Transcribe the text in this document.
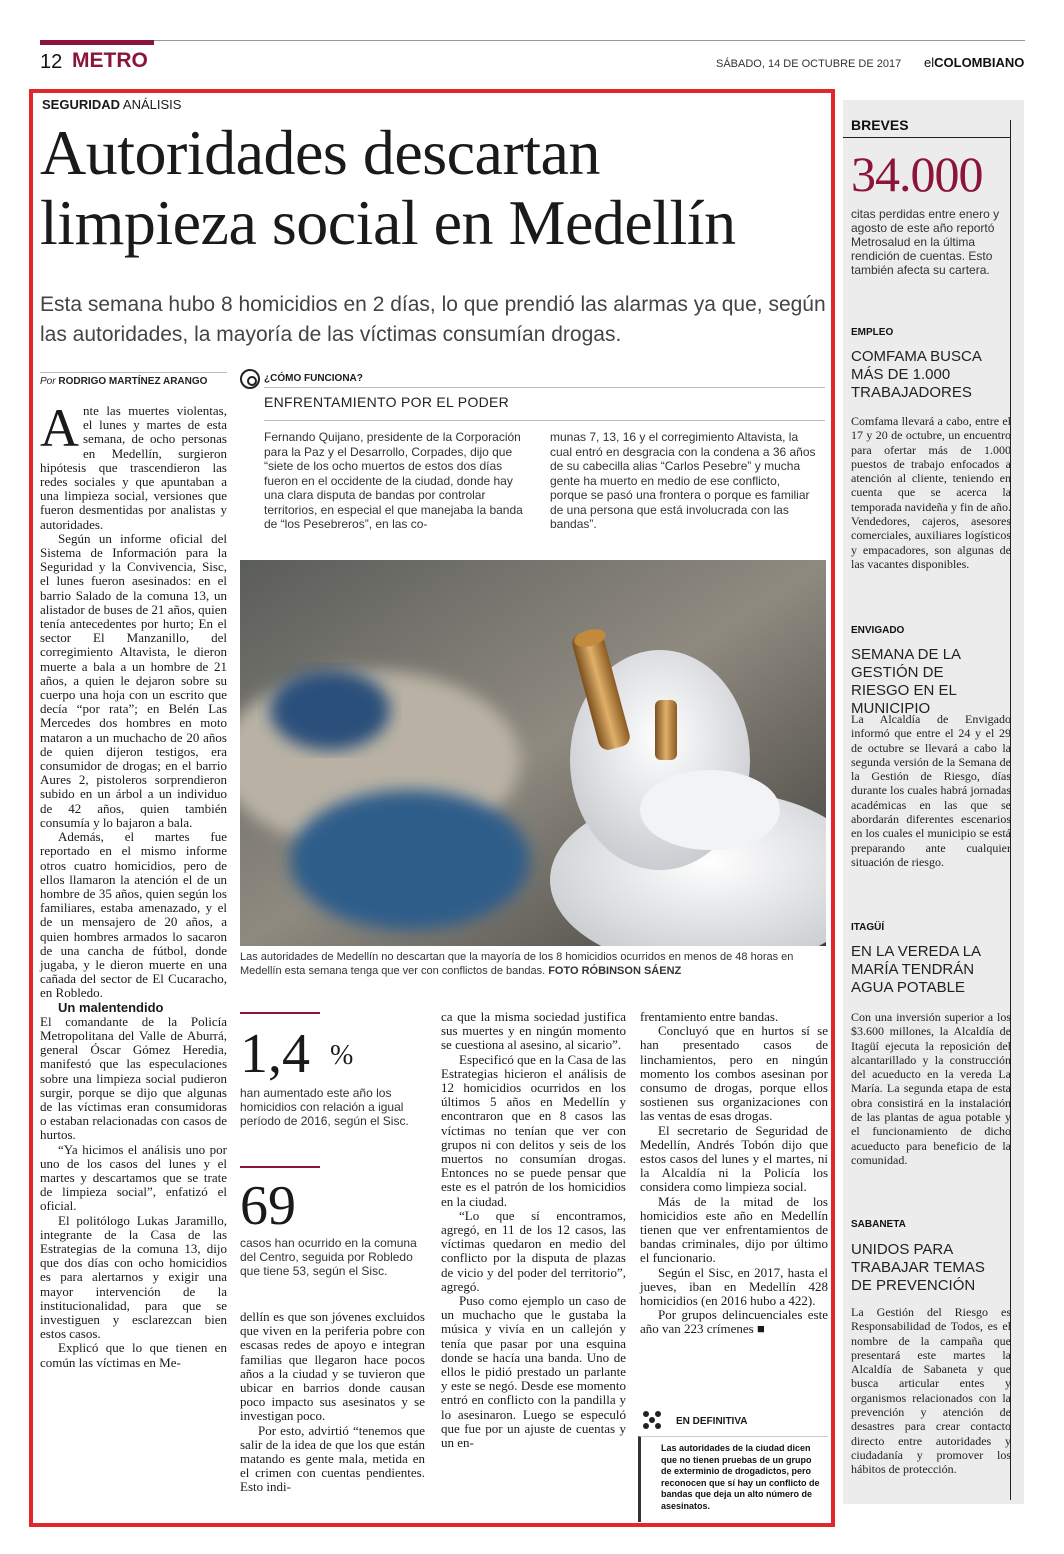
12 METRO	SÁBADO, 14 DE OCTUBRE DE 2017 elCOLOMBIANO
SEGURIDAD ANÁLISIS
Autoridades descartan limpieza social en Medellín
Esta semana hubo 8 homicidios en 2 días, lo que prendió las alarmas ya que, según las autoridades, la mayoría de las víctimas consumían drogas.
Por RODRIGO MARTÍNEZ ARANGO

Ante las muertes violentas, el lunes y martes de esta semana, de ocho personas en Medellín, surgieron hipótesis que trascendieron las redes sociales y que apuntaban a una limpieza social, versiones que fueron desmentidas por analistas y autoridades.

Según un informe oficial del Sistema de Información para la Seguridad y la Convivencia, Sisc, el lunes fueron asesinados: en el barrio Salado de la comuna 13, un alistador de buses de 21 años, quien tenía antecedentes por hurto; En el sector El Manzanillo, del corregimiento Altavista, le dieron muerte a bala a un hombre de 21 años, a quien le dejaron sobre su cuerpo una hoja con un escrito que decía “por rata”; en Belén Las Mercedes dos hombres en moto mataron a un muchacho de 20 años de quien dijeron testigos, era consumidor de drogas; en el barrio Aures 2, pistoleros sorprendieron subido en un árbol a un individuo de 42 años, quien también consumía y lo bajaron a bala.

Además, el martes fue reportado en el mismo informe otros cuatro homicidios, pero de ellos llamaron la atención el de un hombre de 35 años, quien según los familiares, estaba amenazado, y el de un mensajero de 20 años, a quien hombres armados lo sacaron de una cancha de fútbol, donde jugaba, y le dieron muerte en una cañada del sector de El Cucaracho, en Robledo.

Un malentendido

El comandante de la Policía Metropolitana del Valle de Aburrá, general Óscar Gómez Heredia, manifestó que las especulaciones sobre una limpieza social pudieron surgir, porque se dijo que algunas de las víctimas eran consumidoras o estaban relacionadas con casos de hurtos.

“Ya hicimos el análisis uno por uno de los casos del lunes y el martes y descartamos que se trate de limpieza social”, enfatizó el oficial.

El politólogo Lukas Jaramillo, integrante de la Casa de las Estrategias de la comuna 13, dijo que dos días con ocho homicidios es para alertarnos y exigir una mayor intervención de la institucionalidad, para que se investiguen y esclarezcan bien estos casos.

Explicó que lo que tienen en común las víctimas en Me-

¿CÓMO FUNCIONA?
ENFRENTAMIENTO POR EL PODER
Fernando Quijano, presidente de la Corporación para la Paz y el Desarrollo, Corpades, dijo que “siete de los ocho muertos de estos dos días fueron en el occidente de la ciudad, donde hay una clara disputa de bandas por controlar territorios, en especial el que manejaba la banda de “los Pesebreros”, en las co-
munas 7, 13, 16 y el corregimiento Altavista, la cual entró en desgracia con la condena a 36 años de su cabecilla alias “Carlos Pesebre” y mucha gente ha muerto en medio de ese conflicto, porque se pasó una frontera o porque es familiar de una persona que está involucrada con las bandas”.
Las autoridades de Medellín no descartan que la mayoría de los 8 homicidios ocurridos en menos de 48 horas en Medellín esta semana tenga que ver con conflictos de bandas. FOTO RÓBINSON SÁENZ
1,4 %
han aumentado este año los homicidios con relación a igual período de 2016, según el Sisc.
69
casos han ocurrido en la comuna del Centro, seguida por Robledo que tiene 53, según el Sisc.

dellín es que son jóvenes excluidos que viven en la periferia pobre con escasas redes de apoyo e integran familias que llegaron hace pocos años a la ciudad y se tuvieron que ubicar en barrios donde causan poco impacto sus asesinatos y se investigan poco.

Por esto, advirtió “tenemos que salir de la idea de que los que están matando es gente mala, metida en el crimen con cuentas pendientes. Esto indi-

ca que la misma sociedad justifica sus muertes y en ningún momento se cuestiona al asesino, al sicario”.

Especificó que en la Casa de las Estrategias hicieron el análisis de 12 homicidios ocurridos en los últimos 5 años en Medellín y encontraron que en 8 casos las víctimas no tenían que ver con grupos ni con delitos y seis de los muertos no consumían drogas. Entonces no se puede pensar que este es el patrón de los homicidios en la ciudad.

“Lo que sí encontramos, agregó, en 11 de los 12 casos, las víctimas quedaron en medio del conflicto por la disputa de plazas de vicio y del poder del territorio”, agregó.

Puso como ejemplo un caso de un muchacho que le gustaba la música y vivía en un callejón y tenía que pasar por una esquina donde se hacía una banda. Uno de ellos le pidió prestado un parlante y este se negó. Desde ese momento entró en conflicto con la pandilla y lo asesinaron. Luego se especuló que fue por un ajuste de cuentas y un en-

frentamiento entre bandas.

Concluyó que en hurtos sí se han presentado casos de linchamientos, pero en ningún momento los combos asesinan por consumo de drogas, porque ellos sostienen sus organizaciones con las ventas de esas drogas.

El secretario de Seguridad de Medellín, Andrés Tobón dijo que estos casos del lunes y el martes, ni la Alcaldía ni la Policía los considera como limpieza social.

Más de la mitad de los homicidios este año en Medellín tienen que ver enfrentamientos de bandas criminales, dijo por último el funcionario.

Según el Sisc, en 2017, hasta el jueves, iban en Medellín 428 homicidios (en 2016 hubo a 422).

Por grupos delincuenciales este año van 223 crímenes ■

EN DEFINITIVA
Las autoridades de la ciudad dicen que no tienen pruebas de un grupo de exterminio de drogadictos, pero reconocen que sí hay un conflicto de bandas que deja un alto número de asesinatos.
BREVES
34.000
citas perdidas entre enero y agosto de este año reportó Metrosalud en la última rendición de cuentas. Esto también afecta su cartera.
EMPLEO
COMFAMA BUSCA MÁS DE 1.000 TRABAJADORES
Comfama llevará a cabo, entre el 17 y 20 de octubre, un encuentro para ofertar más de 1.000 puestos de trabajo enfocados a atención al cliente, teniendo en cuenta que se acerca la temporada navideña y fin de año. Vendedores, cajeros, asesores comerciales, auxiliares logísticos y empacadores, son algunas de las vacantes disponibles.
ENVIGADO
SEMANA DE LA GESTIÓN DE RIESGO EN EL MUNICIPIO
La Alcaldía de Envigado informó que entre el 24 y el 29 de octubre se llevará a cabo la segunda versión de la Semana de la Gestión de Riesgo, días durante los cuales habrá jornadas académicas en las que se abordarán diferentes escenarios en los cuales el municipio se está preparando ante cualquier situación de riesgo.
ITAGÜÍ
EN LA VEREDA LA MARÍA TENDRÁN AGUA POTABLE
Con una inversión superior a los $3.600 millones, la Alcaldía de Itagüí ejecuta la reposición del alcantarillado y la construcción del acueducto en la vereda La María. La segunda etapa de esta obra consistirá en la instalación de las plantas de agua potable y el funcionamiento de dicho acueducto para beneficio de la comunidad.
SABANETA
UNIDOS PARA TRABAJAR TEMAS DE PREVENCIÓN
La Gestión del Riesgo es Responsabilidad de Todos, es el nombre de la campaña que presentará este martes la Alcaldía de Sabaneta y que busca articular entes y organismos relacionados con la prevención y atención de desastres para crear contacto directo entre autoridades y ciudadanía y promover los hábitos de protección.
